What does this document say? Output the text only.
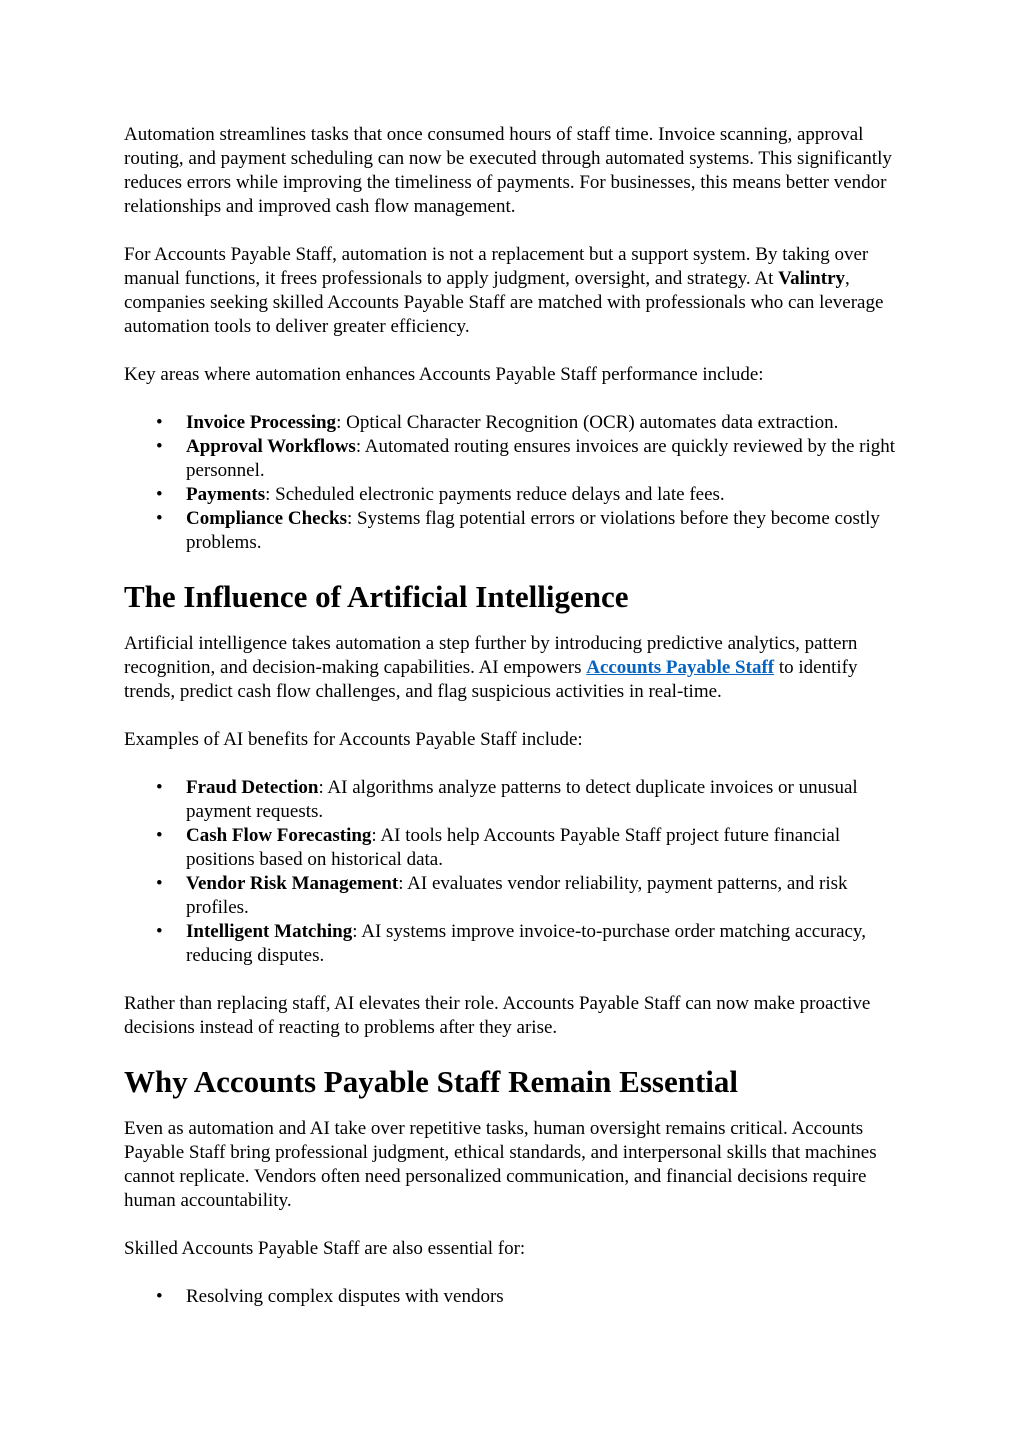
Automation streamlines tasks that once consumed hours of staff time. Invoice scanning, approval routing, and payment scheduling can now be executed through automated systems. This significantly reduces errors while improving the timeliness of payments. For businesses, this means better vendor relationships and improved cash flow management.

For Accounts Payable Staff, automation is not a replacement but a support system. By taking over manual functions, it frees professionals to apply judgment, oversight, and strategy. At Valintry, companies seeking skilled Accounts Payable Staff are matched with professionals who can leverage automation tools to deliver greater efficiency.

Key areas where automation enhances Accounts Payable Staff performance include:

• Invoice Processing: Optical Character Recognition (OCR) automates data extraction.
• Approval Workflows: Automated routing ensures invoices are quickly reviewed by the right personnel.
• Payments: Scheduled electronic payments reduce delays and late fees.
• Compliance Checks: Systems flag potential errors or violations before they become costly problems.
The Influence of Artificial Intelligence

Artificial intelligence takes automation a step further by introducing predictive analytics, pattern recognition, and decision-making capabilities. AI empowers Accounts Payable Staff to identify trends, predict cash flow challenges, and flag suspicious activities in real-time.

Examples of AI benefits for Accounts Payable Staff include:

• Fraud Detection: AI algorithms analyze patterns to detect duplicate invoices or unusual payment requests.
• Cash Flow Forecasting: AI tools help Accounts Payable Staff project future financial positions based on historical data.
• Vendor Risk Management: AI evaluates vendor reliability, payment patterns, and risk profiles.
• Intelligent Matching: AI systems improve invoice-to-purchase order matching accuracy, reducing disputes.

Rather than replacing staff, AI elevates their role. Accounts Payable Staff can now make proactive decisions instead of reacting to problems after they arise.

Why Accounts Payable Staff Remain Essential

Even as automation and AI take over repetitive tasks, human oversight remains critical. Accounts Payable Staff bring professional judgment, ethical standards, and interpersonal skills that machines cannot replicate. Vendors often need personalized communication, and financial decisions require human accountability.

Skilled Accounts Payable Staff are also essential for:

• Resolving complex disputes with vendors
